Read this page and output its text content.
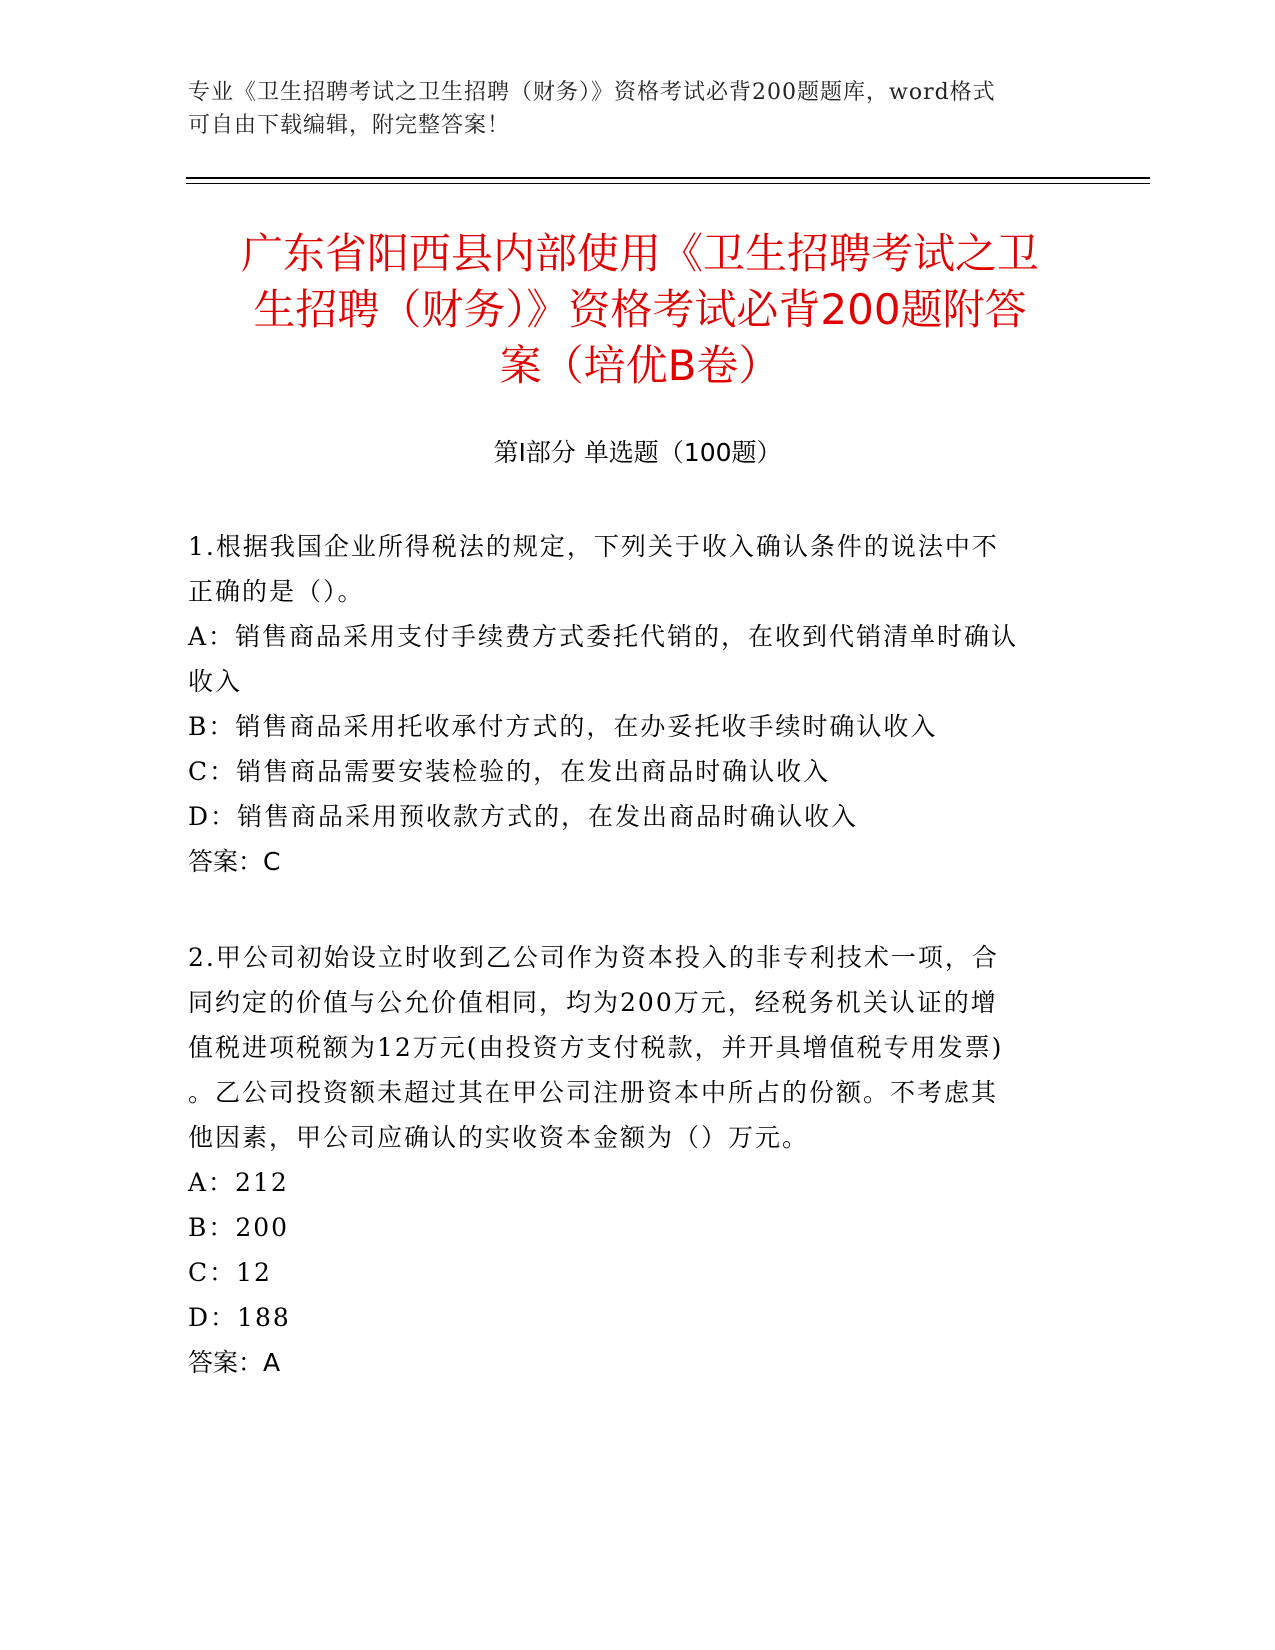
专业《卫生招聘考试之卫生招聘（财务）》资格考试必背200题题库，word格式
可自由下载编辑，附完整答案！
广东省阳西县内部使用《卫生招聘考试之卫
生招聘（财务）》资格考试必背200题附答
案（培优B卷）
第Ⅰ部分 单选题（100题）

1.根据我国企业所得税法的规定，下列关于收入确认条件的说法中不

正确的是（）。

A：销售商品采用支付手续费方式委托代销的，在收到代销清单时确认

收入

B：销售商品采用托收承付方式的，在办妥托收手续时确认收入

C：销售商品需要安装检验的，在发出商品时确认收入

D：销售商品采用预收款方式的，在发出商品时确认收入

答案：C

2.甲公司初始设立时收到乙公司作为资本投入的非专利技术一项，合

同约定的价值与公允价值相同，均为200万元，经税务机关认证的增

值税进项税额为12万元(由投资方支付税款，并开具增值税专用发票)

。乙公司投资额未超过其在甲公司注册资本中所占的份额。不考虑其

他因素，甲公司应确认的实收资本金额为（）万元。

A：212

B：200

C：12

D：188

答案：A
